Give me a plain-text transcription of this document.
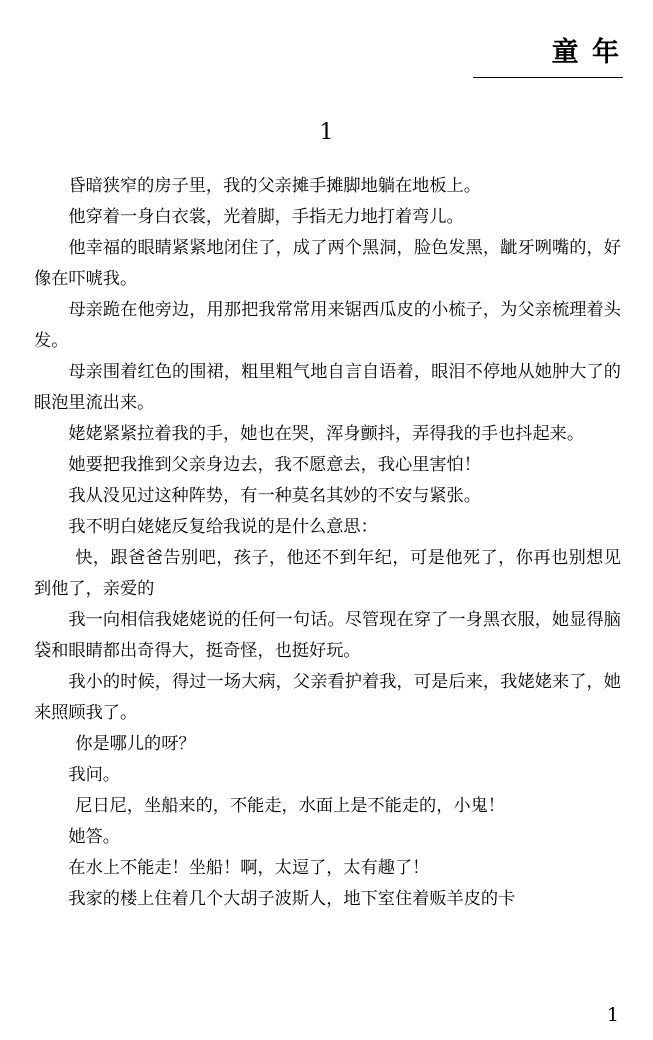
童 年
1

昏暗狭窄的房子里，我的父亲摊手摊脚地躺在地板上。

他穿着一身白衣裳，光着脚，手指无力地打着弯儿。

他幸福的眼睛紧紧地闭住了，成了两个黑洞，脸色发黑，龇牙咧嘴的，好像在吓唬我。

母亲跪在他旁边，用那把我常常用来锯西瓜皮的小梳子，为父亲梳理着头发。

母亲围着红色的围裙，粗里粗气地自言自语着，眼泪不停地从她肿大了的眼泡里流出来。

姥姥紧紧拉着我的手，她也在哭，浑身颤抖，弄得我的手也抖起来。

她要把我推到父亲身边去，我不愿意去，我心里害怕！

我从没见过这种阵势，有一种莫名其妙的不安与紧张。

我不明白姥姥反复给我说的是什么意思：

快，跟爸爸告别吧，孩子，他还不到年纪，可是他死了，你再也别想见到他了，亲爱的

我一向相信我姥姥说的任何一句话。尽管现在穿了一身黑衣服，她显得脑袋和眼睛都出奇得大，挺奇怪，也挺好玩。

我小的时候，得过一场大病，父亲看护着我，可是后来，我姥姥来了，她来照顾我了。

你是哪儿的呀？

我问。

尼日尼，坐船来的，不能走，水面上是不能走的，小鬼！

她答。

在水上不能走！坐船！啊，太逗了，太有趣了！

我家的楼上住着几个大胡子波斯人，地下室住着贩羊皮的卡

1
